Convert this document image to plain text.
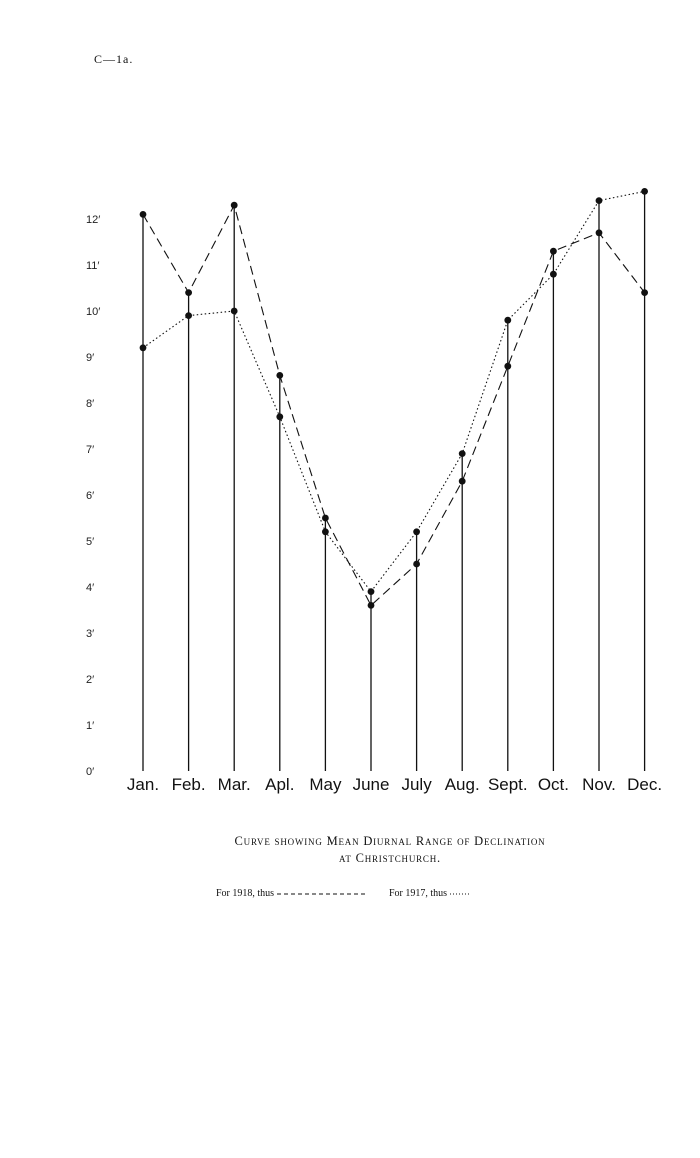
C—1a.
0′
1′
2′
3′
4′
5′
6′
7′
8′
9′
10′
11′
12′
Jan. Feb. Mar. Apl. May June July Aug. Sept. Oct. Nov. Dec.
Curve showing Mean Diurnal Range of Declination
at Christchurch.
For 1918, thus	For 1917, thus
